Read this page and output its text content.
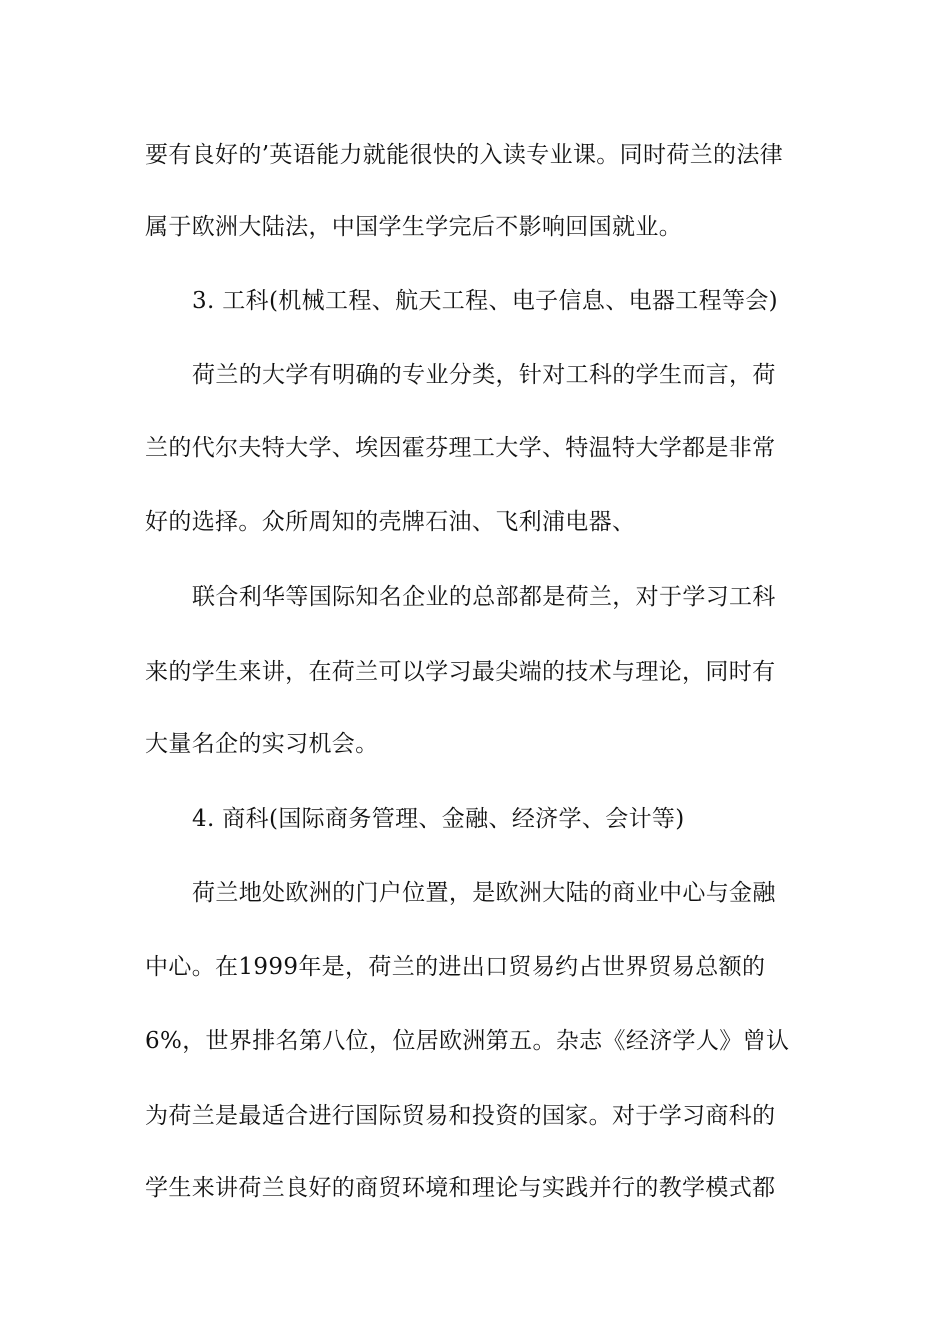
要有良好的’英语能力就能很快的入读专业课。同时荷兰的法律
属于欧洲大陆法，中国学生学完后不影响回国就业。
3. 工科(机械工程、航天工程、电子信息、电器工程等会)
荷兰的大学有明确的专业分类，针对工科的学生而言，荷
兰的代尔夫特大学、埃因霍芬理工大学、特温特大学都是非常
好的选择。众所周知的壳牌石油、飞利浦电器、
联合利华等国际知名企业的总部都是荷兰，对于学习工科
来的学生来讲，在荷兰可以学习最尖端的技术与理论，同时有
大量名企的实习机会。
4. 商科(国际商务管理、金融、经济学、会计等)
荷兰地处欧洲的门户位置，是欧洲大陆的商业中心与金融
中心。在1999年是，荷兰的进出口贸易约占世界贸易总额的
6%，世界排名第八位，位居欧洲第五。杂志《经济学人》曾认
为荷兰是最适合进行国际贸易和投资的国家。对于学习商科的
学生来讲荷兰良好的商贸环境和理论与实践并行的教学模式都
